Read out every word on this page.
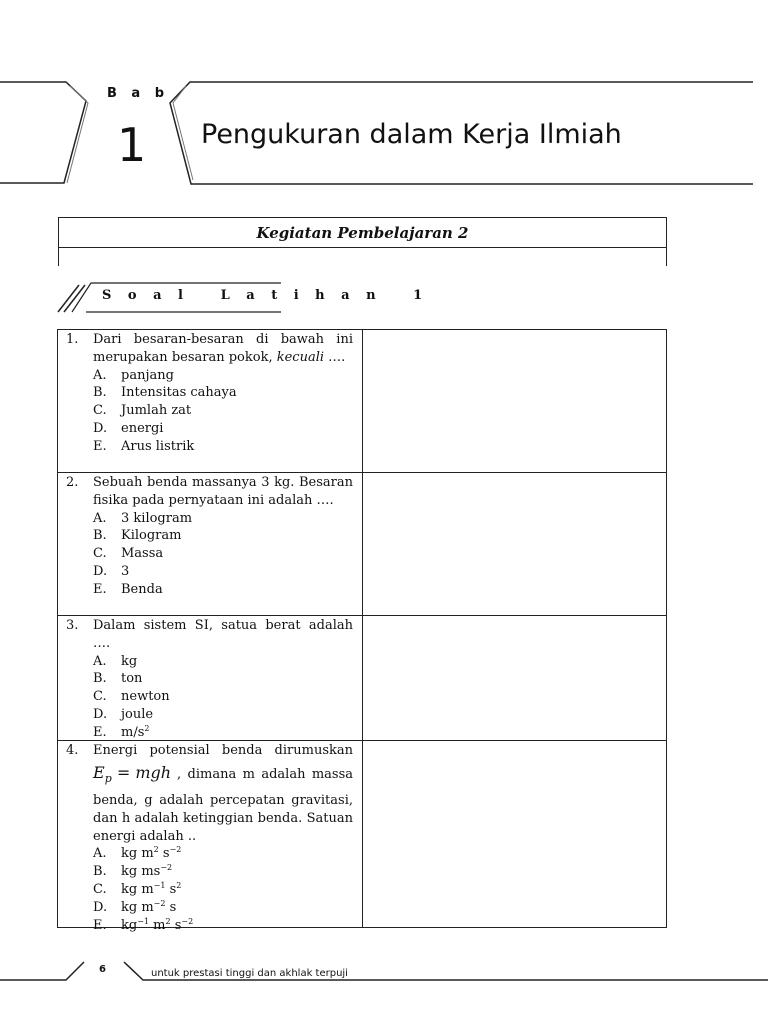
B a b
1 Pengukuran dalam Kerja Ilmiah
Kegiatan Pembelajaran 2
S o a l   L a t i h a n   1
1.	Dari besaran-besaran di bawah ini merupakan besaran pokok, kecuali ….
A.	panjang
B.	Intensitas cahaya
C.	Jumlah zat
D.	energi
E.	Arus listrik
2.	Sebuah benda massanya 3 kg. Besaran fisika pada pernyataan ini adalah ….
A.	3 kilogram
B.	Kilogram
C.	Massa
D.	3
E.	Benda
3.	Dalam sistem SI, satua berat adalah ….
A.	kg
B.	ton
C.	newton
D.	joule
E.	$m/s^2$
4.	Energi potensial benda dirumuskan
$E_p$ = mgh , dimana m adalah massa
benda, g adalah percepatan gravitasi, dan h adalah ketinggian benda. Satuan energi adalah ..
A.	kg $m^2$ $s^{-2}$
B.	kg $ms^{-2}$
C.	kg $m^{-1}$ $s^2$
D.	kg $m^{-2}$ s
E.	$kg^{-1}$ $m^2$ $s^{-2}$
6	untuk prestasi tinggi dan akhlak terpuji
